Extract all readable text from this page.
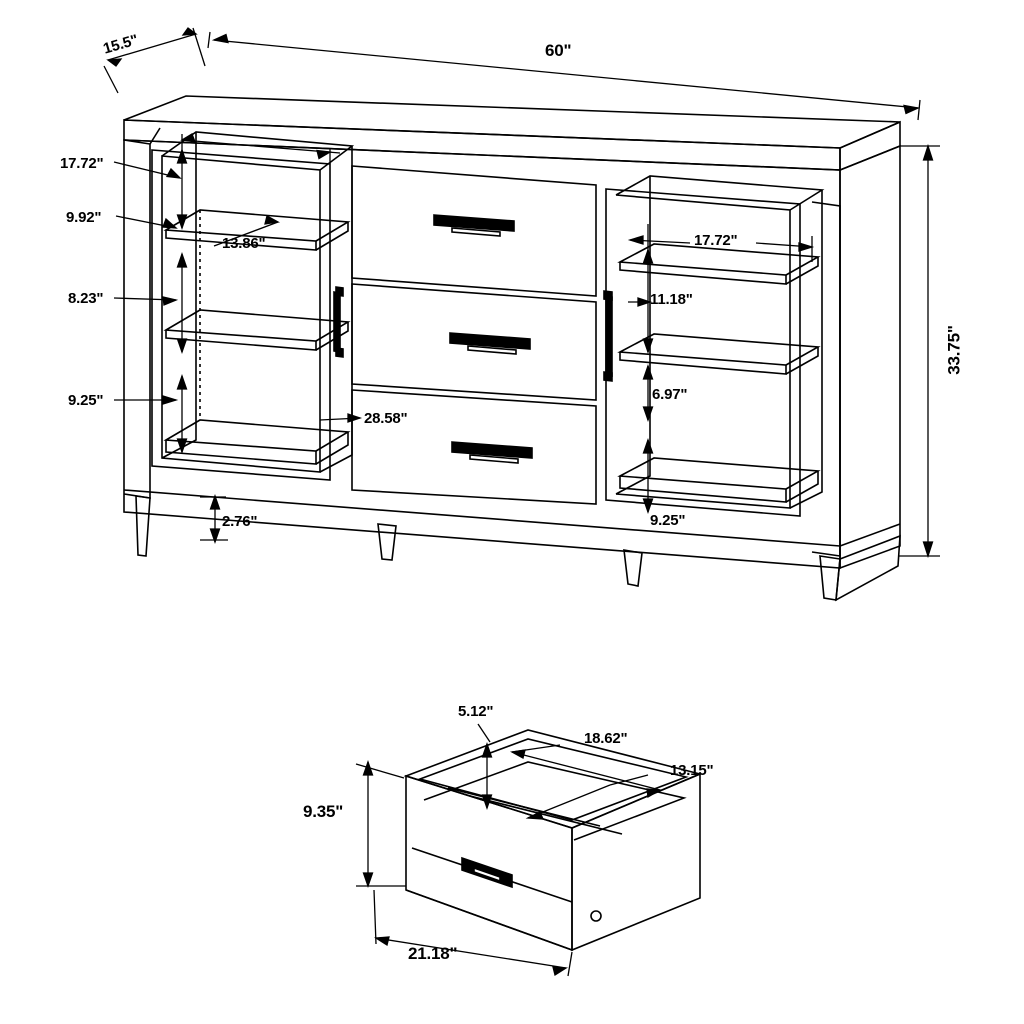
15.5"	60"
33.75"
17.72"
9.92"
13.86"
8.23"
9.25"
28.58"
2.76"
17.72"
11.18"
6.97"
9.25"
5.12"
18.62"
13.15"
9.35"
21.18"
